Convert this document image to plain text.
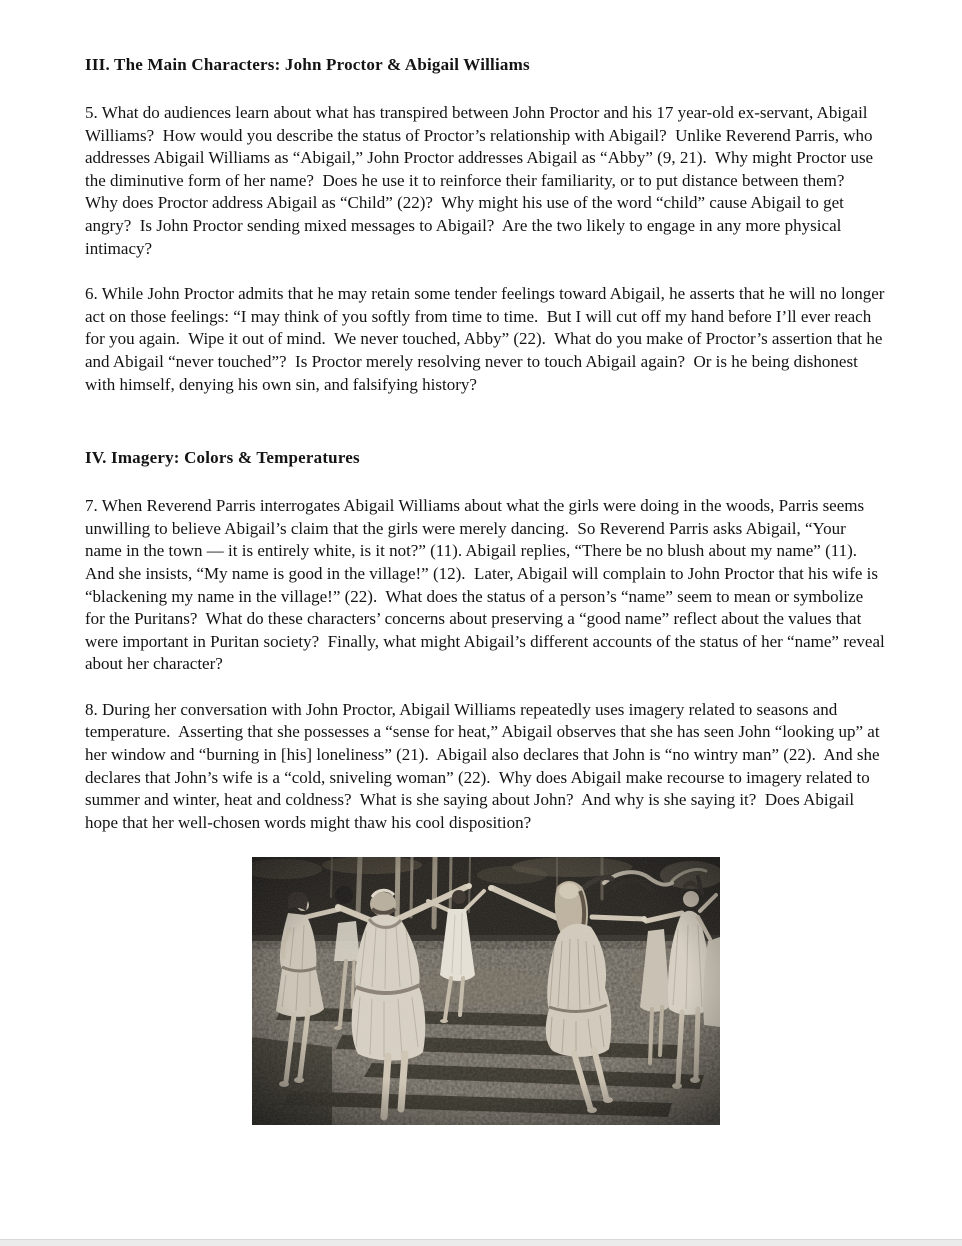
III. The Main Characters: John Proctor & Abigail Williams

5. What do audiences learn about what has transpired between John Proctor and his 17 year-old ex-servant, Abigail Williams?  How would you describe the status of Proctor’s relationship with Abigail?  Unlike Reverend Parris, who addresses Abigail Williams as “Abigail,” John Proctor addresses Abigail as “Abby” (9, 21).  Why might Proctor use the diminutive form of her name?  Does he use it to reinforce their familiarity, or to put distance between them?  Why does Proctor address Abigail as “Child” (22)?  Why might his use of the word “child” cause Abigail to get angry?  Is John Proctor sending mixed messages to Abigail?  Are the two likely to engage in any more physical intimacy?

6. While John Proctor admits that he may retain some tender feelings toward Abigail, he asserts that he will no longer act on those feelings: “I may think of you softly from time to time.  But I will cut off my hand before I’ll ever reach for you again.  Wipe it out of mind.  We never touched, Abby” (22).  What do you make of Proctor’s assertion that he and Abigail “never touched”?  Is Proctor merely resolving never to touch Abigail again?  Or is he being dishonest with himself, denying his own sin, and falsifying history?

IV. Imagery: Colors & Temperatures

7. When Reverend Parris interrogates Abigail Williams about what the girls were doing in the woods, Parris seems unwilling to believe Abigail’s claim that the girls were merely dancing.  So Reverend Parris asks Abigail, “Your name in the town — it is entirely white, is it not?” (11). Abigail replies, “There be no blush about my name” (11).  And she insists, “My name is good in the village!” (12).  Later, Abigail will complain to John Proctor that his wife is “blackening my name in the village!” (22).  What does the status of a person’s “name” seem to mean or symbolize for the Puritans?  What do these characters’ concerns about preserving a “good name” reflect about the values that were important in Puritan society?  Finally, what might Abigail’s different accounts of the status of her “name” reveal about her character?

8. During her conversation with John Proctor, Abigail Williams repeatedly uses imagery related to seasons and temperature.  Asserting that she possesses a “sense for heat,” Abigail observes that she has seen John “looking up” at her window and “burning in [his] loneliness” (21).  Abigail also declares that John is “no wintry man” (22).  And she declares that John’s wife is a “cold, sniveling woman” (22).  Why does Abigail make recourse to imagery related to summer and winter, heat and coldness?  What is she saying about John?  And why is she saying it?  Does Abigail hope that her well-chosen words might thaw his cool disposition?
